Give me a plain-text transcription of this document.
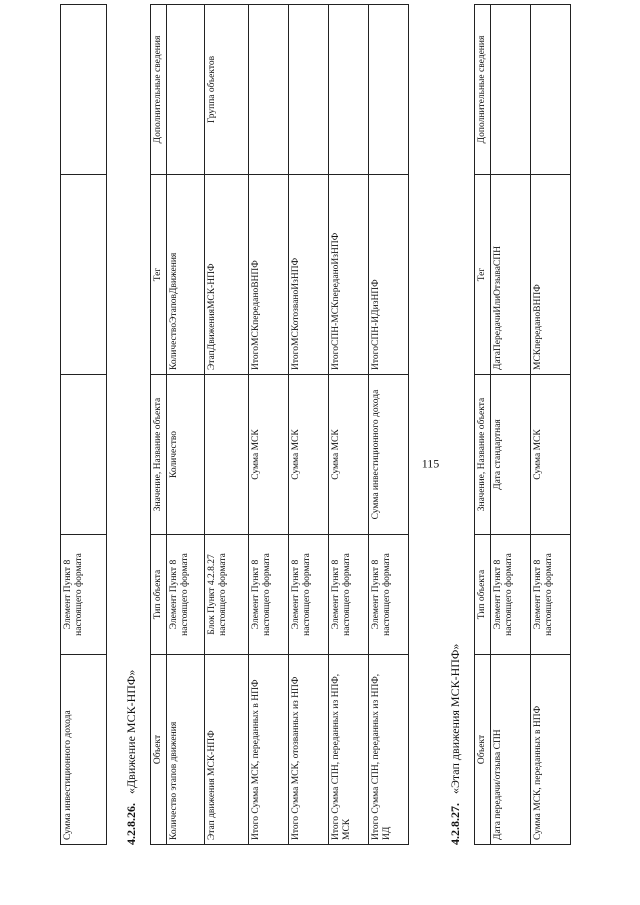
115
Сумма инвестиционного дохода	Элемент Пункт 8 настоящего формата			
4.2.8.26.   «Движение МСК-НПФ» Объект	Тип объекта	Значение, Название объекта	Тег	Дополнительные сведения
Количество этапов движения	Элемент Пункт 8 настоящего формата	Количество	КоличествоЭтаповДвижения	
Этап движения МСК-НПФ	Блок Пункт 4.2.8.27 настоящего формата		ЭтапДвиженияМСК-НПФ	Группа объектов
Итого Сумма МСК, переданных в НПФ	Элемент Пункт 8 настоящего формата	Сумма МСК	ИтогоМСКпереданоВНПФ	
Итого Сумма МСК, отозванных из НПФ	Элемент Пункт 8 настоящего формата	Сумма МСК	ИтогоМСКотозваноИзНПФ	
Итого Сумма СПН, переданных из НПФ, МСК	Элемент Пункт 8 настоящего формата	Сумма МСК	ИтогоСПН-МСКпереданоИзНПФ	
Итого Сумма СПН, переданных из НПФ, ИД	Элемент Пункт 8 настоящего формата	Сумма инвестиционного дохода	ИтогоСПН-ИДизНПФ	
4.2.8.27.   «Этап движения МСК-НПФ» Объект	Тип объекта	Значение, Название объекта	Тег	Дополнительные сведения
Дата передачи/отзыва СПН	Элемент Пункт 8 настоящего формата	Дата стандартная	ДатаПередачиИлиОтзываСПН	
Сумма МСК, переданных в НПФ	Элемент Пункт 8 настоящего формата	Сумма МСК	МСКпереданоВНПФ	
